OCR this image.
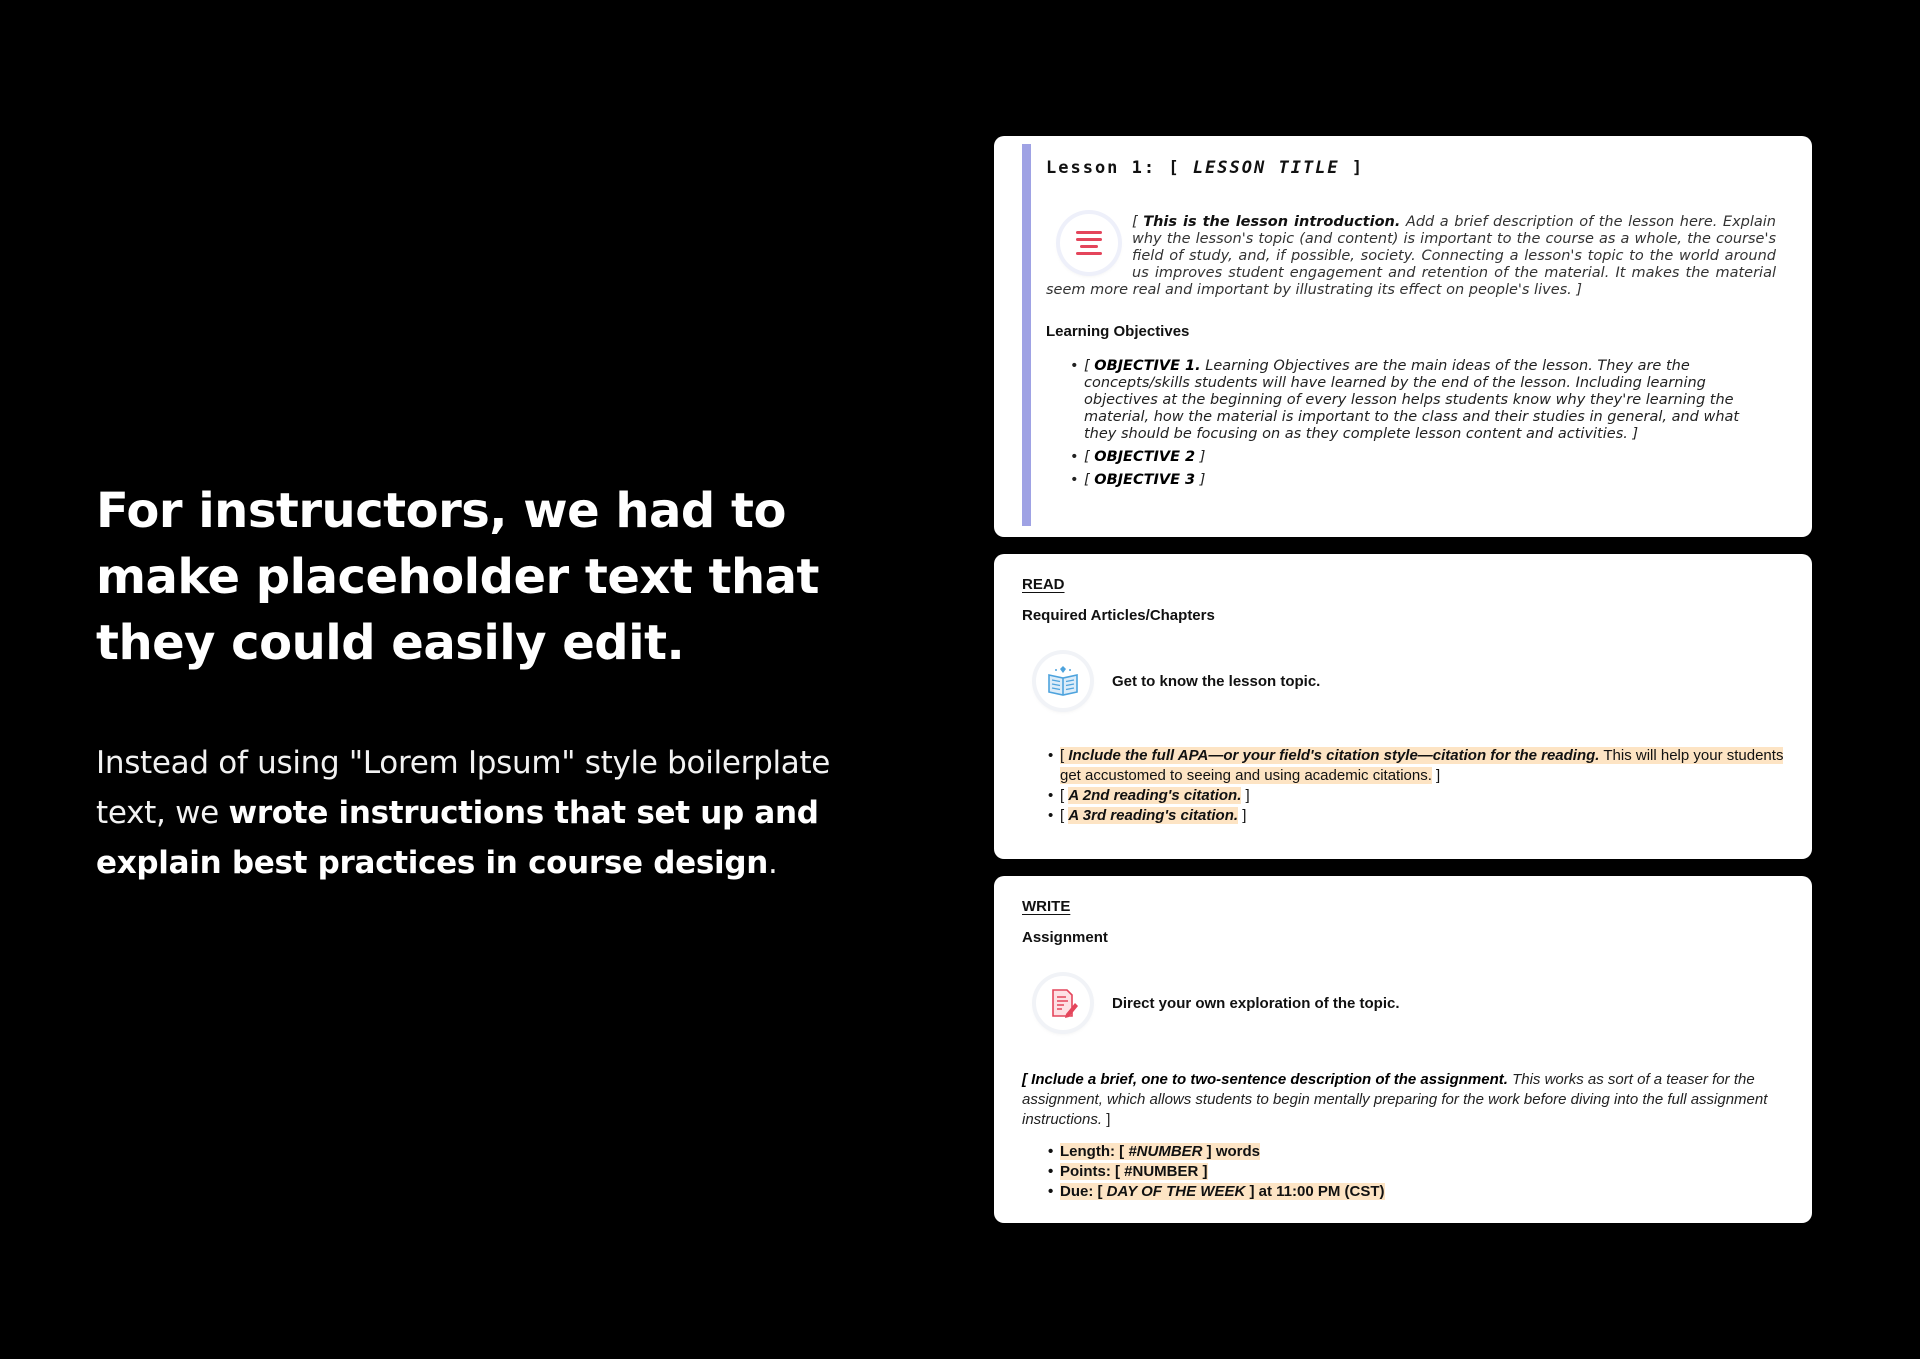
For instructors, we had to make placeholder text that they could easily edit.

Instead of using "Lorem Ipsum" style boilerplate text, we wrote instructions that set up and explain best practices in course design.

Lesson 1: [ LESSON TITLE ]
[ This is the lesson introduction. Add a brief description of the lesson here. Explain why the lesson's topic (and content) is important to the course as a whole, the course's field of study, and, if possible, society. Connecting a lesson's topic to the world around us improves student engagement and retention of the material. It makes the material seem more real and important by illustrating its effect on people's lives. ]
Learning Objectives
• [ OBJECTIVE 1. Learning Objectives are the main ideas of the lesson. They are the concepts/skills students will have learned by the end of the lesson. Including learning objectives at the beginning of every lesson helps students know why they're learning the material, how the material is important to the class and their studies in general, and what they should be focusing on as they complete lesson content and activities. ]
• [ OBJECTIVE 2 ]
• [ OBJECTIVE 3 ]
READ
Required Articles/Chapters
Get to know the lesson topic.
• [ Include the full APA—or your field's citation style—citation for the reading. This will help your students get accustomed to seeing and using academic citations. ]
• [ A 2nd reading's citation. ]
• [ A 3rd reading's citation. ]
WRITE
Assignment
Direct your own exploration of the topic.
[ Include a brief, one to two-sentence description of the assignment. This works as sort of a teaser for the assignment, which allows students to begin mentally preparing for the work before diving into the full assignment instructions. ]
• Length: [ #NUMBER ] words
• Points: [ #NUMBER ]
• Due: [ DAY OF THE WEEK ] at 11:00 PM (CST)
